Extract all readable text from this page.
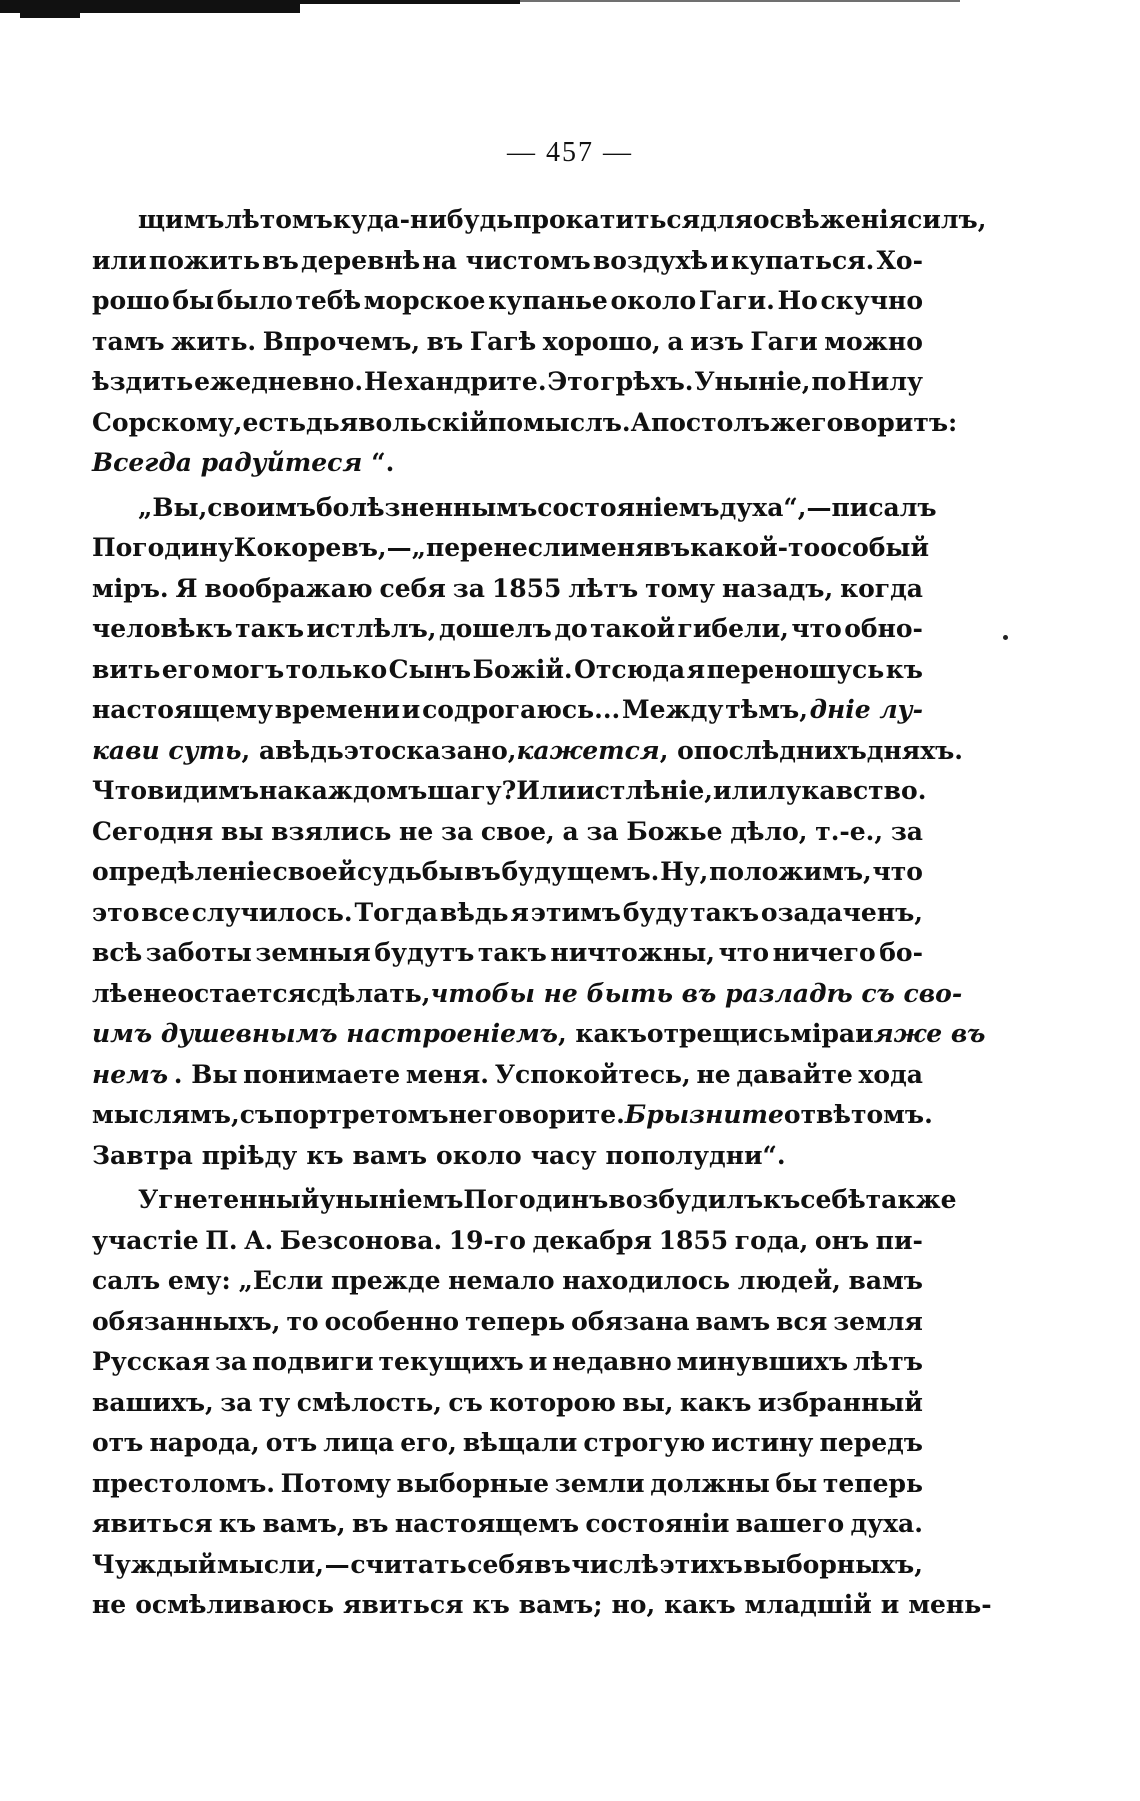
— 457 —
щимъ лѣтомъ куда-нибудь прокатиться для освѣженія силъ,
или пожить въ деревнѣ на чистомъ воздухѣ и купаться. Хо-
рошо бы было тебѣ морское купанье около Гаги. Но скучно
тамъ жить. Впрочемъ, въ Гагѣ хорошо, а изъ Гаги можно
ѣздить ежедневно. Не хандрите. Это грѣхъ. Уныніе, по Нилу
Сорскому, есть дьявольскій помыслъ. Апостолъ же говоритъ:
Всегда радуйтеся “.
„Вы, своимъ болѣзненнымъ состояніемъ духа“,—писалъ
Погодину Кокоревъ,—„перенесли меня въ какой-то особый
міръ. Я воображаю себя за 1855 лѣтъ тому назадъ, когда
человѣкъ такъ истлѣлъ, дошелъ до такой гибели, что обно-
вить его могъ только Сынъ Божій. Отсюда я переношусь къ
настоящему времени и содрогаюсь... Между тѣмъ, дніе лу-
кави суть , а вѣдь это сказано, кажется , о послѣднихъ дняхъ.
Что видимъ на каждомъ шагу? Или истлѣніе, или лукавство.
Сегодня вы взялись не за свое, а за Божье дѣло, т.-е., за
опредѣленіе своей судьбы въ будущемъ. Ну, положимъ, что
это все случилось. Тогда вѣдь я этимъ буду такъ озадаченъ,
всѣ заботы земныя будутъ такъ ничтожны, что ничего бо-
лѣе не остается сдѣлать, чтобы не быть въ разладѣ съ сво-
имъ душевнымъ настроеніемъ , какъ отрещись міра и яже въ
немъ . Вы понимаете меня. Успокойтесь, не давайте хода
мыслямъ, съ портретомъ не говорите. Брызните отвѣтомъ.
Завтра пріѣду къ вамъ около часу пополудни“.
Угнетенный уныніемъ Погодинъ возбудилъ къ себѣ также
участіе П. А. Безсонова. 19-го декабря 1855 года, онъ пи-
салъ ему: „Если прежде немало находилось людей, вамъ
обязанныхъ, то особенно теперь обязана вамъ вся земля
Русская за подвиги текущихъ и недавно минувшихъ лѣтъ
вашихъ, за ту смѣлость, съ которою вы, какъ избранный
отъ народа, отъ лица его, вѣщали строгую истину передъ
престоломъ. Потому выборные земли должны бы теперь
явиться къ вамъ, въ настоящемъ состояніи вашего духа.
Чуждый мысли, — считать себя въ числѣ этихъ выборныхъ,
не осмѣливаюсь явиться къ вамъ; но, какъ младшій и мень-
